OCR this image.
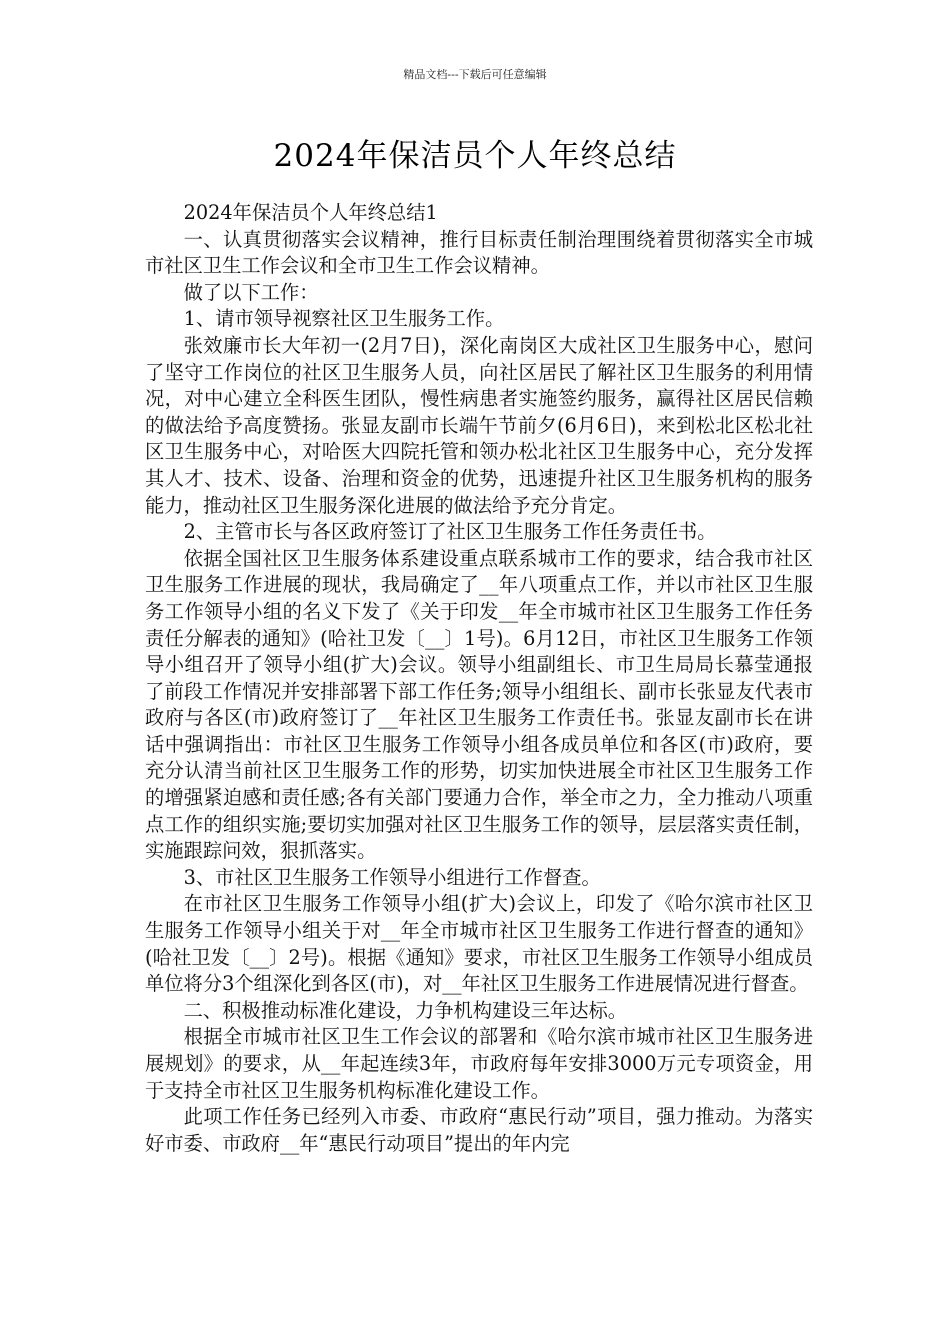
精品文档---下载后可任意编辑
2024年保洁员个人年终总结

2024年保洁员个人年终总结1

一、认真贯彻落实会议精神，推行目标责任制治理围绕着贯彻落实全市城市社区卫生工作会议和全市卫生工作会议精神。

做了以下工作：

1、请市领导视察社区卫生服务工作。

张效廉市长大年初一(2月7日)，深化南岗区大成社区卫生服务中心，慰问了坚守工作岗位的社区卫生服务人员，向社区居民了解社区卫生服务的利用情况，对中心建立全科医生团队，慢性病患者实施签约服务，赢得社区居民信赖的做法给予高度赞扬。张显友副市长端午节前夕(6月6日)，来到松北区松北社区卫生服务中心，对哈医大四院托管和领办松北社区卫生服务中心，充分发挥其人才、技术、设备、治理和资金的优势，迅速提升社区卫生服务机构的服务能力，推动社区卫生服务深化进展的做法给予充分肯定。

2、主管市长与各区政府签订了社区卫生服务工作任务责任书。

依据全国社区卫生服务体系建设重点联系城市工作的要求，结合我市社区卫生服务工作进展的现状，我局确定了__年八项重点工作，并以市社区卫生服务工作领导小组的名义下发了《关于印发__年全市城市社区卫生服务工作任务责任分解表的通知》(哈社卫发〔__〕1号)。6月12日，市社区卫生服务工作领导小组召开了领导小组(扩大)会议。领导小组副组长、市卫生局局长慕莹通报了前段工作情况并安排部署下部工作任务;领导小组组长、副市长张显友代表市政府与各区(市)政府签订了__年社区卫生服务工作责任书。张显友副市长在讲话中强调指出：市社区卫生服务工作领导小组各成员单位和各区(市)政府，要充分认清当前社区卫生服务工作的形势，切实加快进展全市社区卫生服务工作的增强紧迫感和责任感;各有关部门要通力合作，举全市之力，全力推动八项重点工作的组织实施;要切实加强对社区卫生服务工作的领导，层层落实责任制，实施跟踪问效，狠抓落实。

3、市社区卫生服务工作领导小组进行工作督查。

在市社区卫生服务工作领导小组(扩大)会议上，印发了《哈尔滨市社区卫生服务工作领导小组关于对__年全市城市社区卫生服务工作进行督查的通知》(哈社卫发〔__〕2号)。根据《通知》要求，市社区卫生服务工作领导小组成员单位将分3个组深化到各区(市)，对__年社区卫生服务工作进展情况进行督查。

二、积极推动标准化建设，力争机构建设三年达标。

根据全市城市社区卫生工作会议的部署和《哈尔滨市城市社区卫生服务进展规划》的要求，从__年起连续3年，市政府每年安排3000万元专项资金，用于支持全市社区卫生服务机构标准化建设工作。

此项工作任务已经列入市委、市政府“惠民行动”项目，强力推动。为落实好市委、市政府__年“惠民行动项目”提出的年内完
